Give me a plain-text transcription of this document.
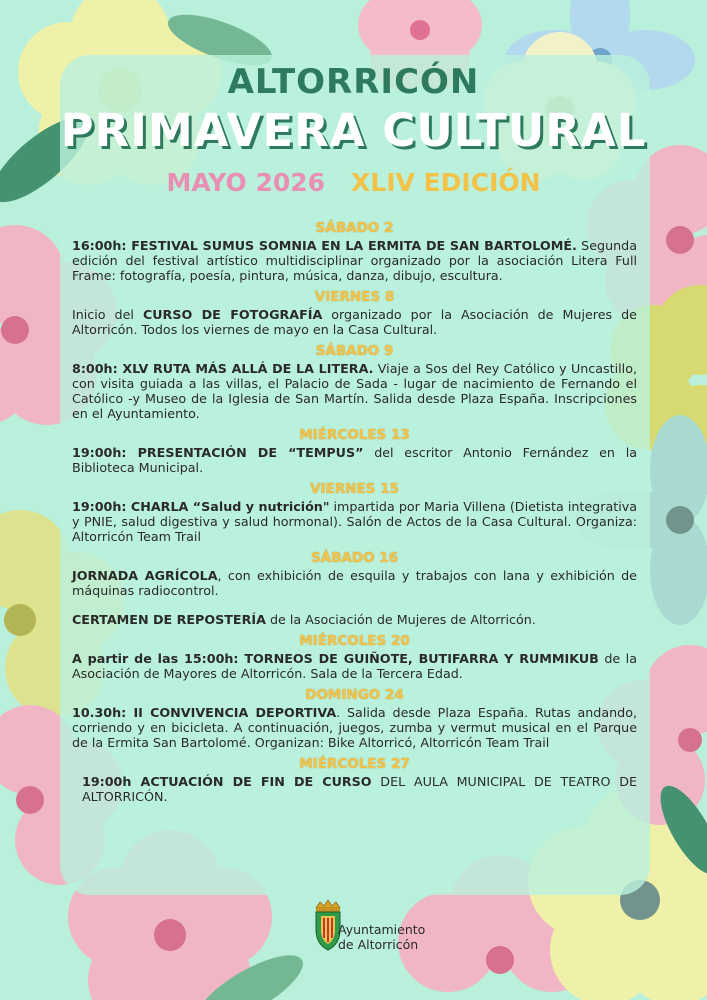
ALTORRICÓN
PRIMAVERA CULTURAL
MAYO 2026 XLIV EDICIÓN
SÁBADO 2

16:00h: FESTIVAL SUMUS SOMNIA EN LA ERMITA DE SAN BARTOLOMÉ. Segunda edición del festival artístico multidisciplinar organizado por la asociación Litera Full Frame: fotografía, poesía, pintura, música, danza, dibujo, escultura.

VIERNES 8

Inicio del CURSO DE FOTOGRAFÍA organizado por la Asociación de Mujeres de Altorricón. Todos los viernes de mayo en la Casa Cultural.

SÁBADO 9

8:00h: XLV RUTA MÁS ALLÁ DE LA LITERA. Viaje a Sos del Rey Católico y Uncastillo, con visita guiada a las villas, el Palacio de Sada - lugar de nacimiento de Fernando el Católico -y Museo de la Iglesia de San Martín. Salida desde Plaza España. Inscripciones en el Ayuntamiento.

MIÉRCOLES 13

19:00h: PRESENTACIÓN DE “TEMPUS” del escritor Antonio Fernández en la Biblioteca Municipal.

VIERNES 15

19:00h: CHARLA “Salud y nutrición" impartida por Maria Villena (Dietista integrativa y PNIE, salud digestiva y salud hormonal). Salón de Actos de la Casa Cultural. Organiza: Altorricón Team Trail

SÁBADO 16

JORNADA AGRÍCOLA, con exhibición de esquila y trabajos con lana y exhibición de máquinas radiocontrol.

CERTAMEN DE REPOSTERÍA de la Asociación de Mujeres de Altorricón.

MIÉRCOLES 20

A partir de las 15:00h: TORNEOS DE GUIÑOTE, BUTIFARRA Y RUMMIKUB de la Asociación de Mayores de Altorricón. Sala de la Tercera Edad.

DOMINGO 24

10.30h: II CONVIVENCIA DEPORTIVA. Salida desde Plaza España. Rutas andando, corriendo y en bicicleta. A continuación, juegos, zumba y vermut musical en el Parque de la Ermita San Bartolomé. Organizan: Bike Altorricó, Altorricón Team Trail

MIÉRCOLES 27

19:00h ACTUACIÓN DE FIN DE CURSO DEL AULA MUNICIPAL DE TEATRO DE ALTORRICÓN.

Ayuntamiento
de Altorricón
